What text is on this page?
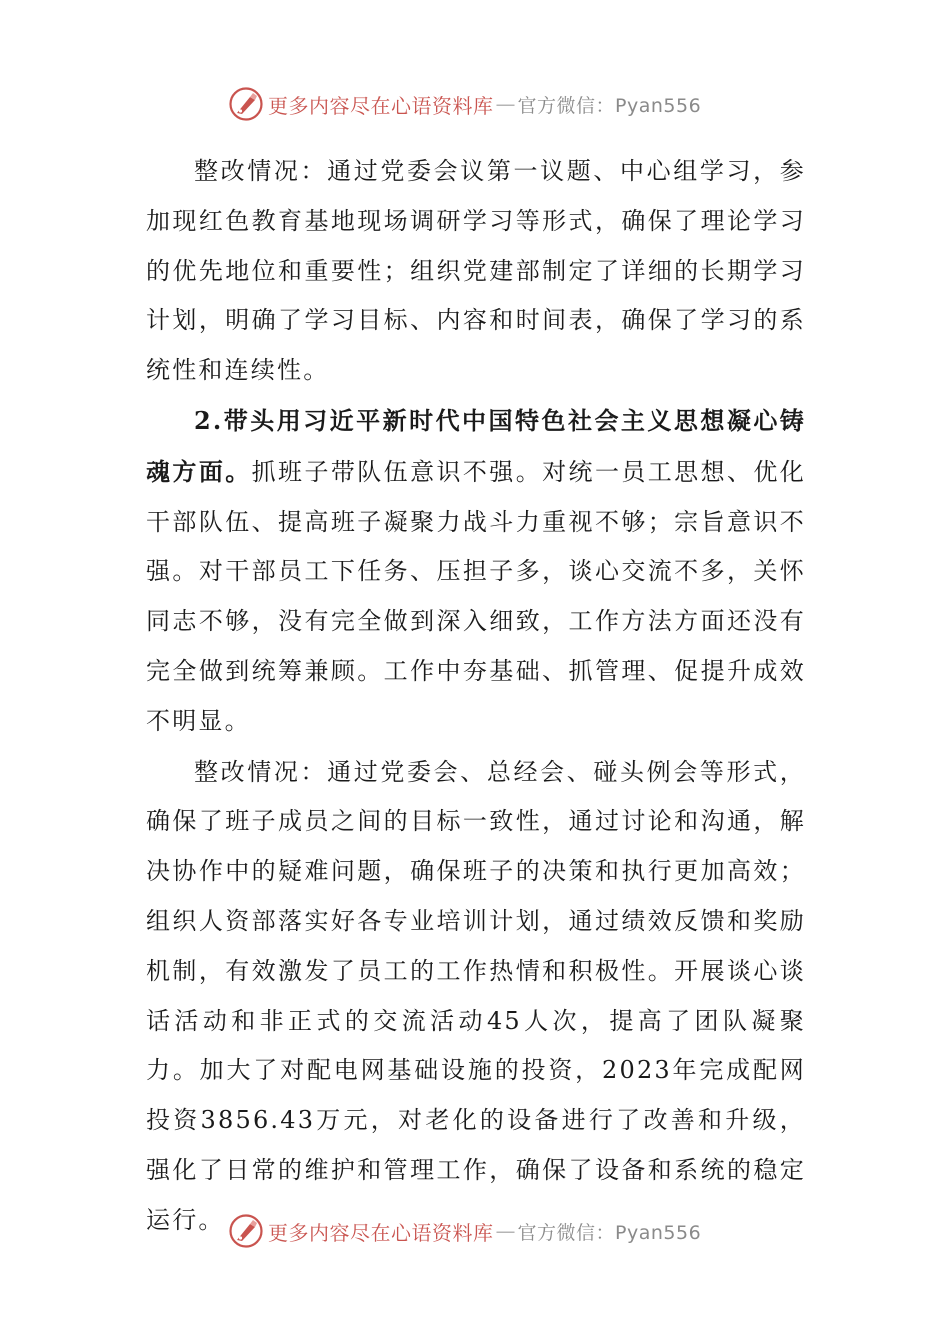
更多内容尽在心语资料库 — 官方微信：Pyan556

整改情况：通过党委会议第一议题、中心组学习，参加现红色教育基地现场调研学习等形式，确保了理论学习的优先地位和重要性；组织党建部制定了详细的长期学习计划，明确了学习目标、内容和时间表，确保了学习的系统性和连续性。

2.带头用习近平新时代中国特色社会主义思想凝心铸魂方面。抓班子带队伍意识不强。对统一员工思想、优化干部队伍、提高班子凝聚力战斗力重视不够；宗旨意识不强。对干部员工下任务、压担子多，谈心交流不多，关怀同志不够，没有完全做到深入细致，工作方法方面还没有完全做到统筹兼顾。工作中夯基础、抓管理、促提升成效不明显。

整改情况：通过党委会、总经会、碰头例会等形式，确保了班子成员之间的目标一致性，通过讨论和沟通，解决协作中的疑难问题，确保班子的决策和执行更加高效；组织人资部落实好各专业培训计划，通过绩效反馈和奖励机制，有效激发了员工的工作热情和积极性。开展谈心谈话活动和非正式的交流活动45人次，提高了团队凝聚力。加大了对配电网基础设施的投资，2023年完成配网投资3856.43万元，对老化的设备进行了改善和升级，强化了日常的维护和管理工作，确保了设备和系统的稳定运行。	更多内容尽在心语资料库 — 官方微信：Pyan556
